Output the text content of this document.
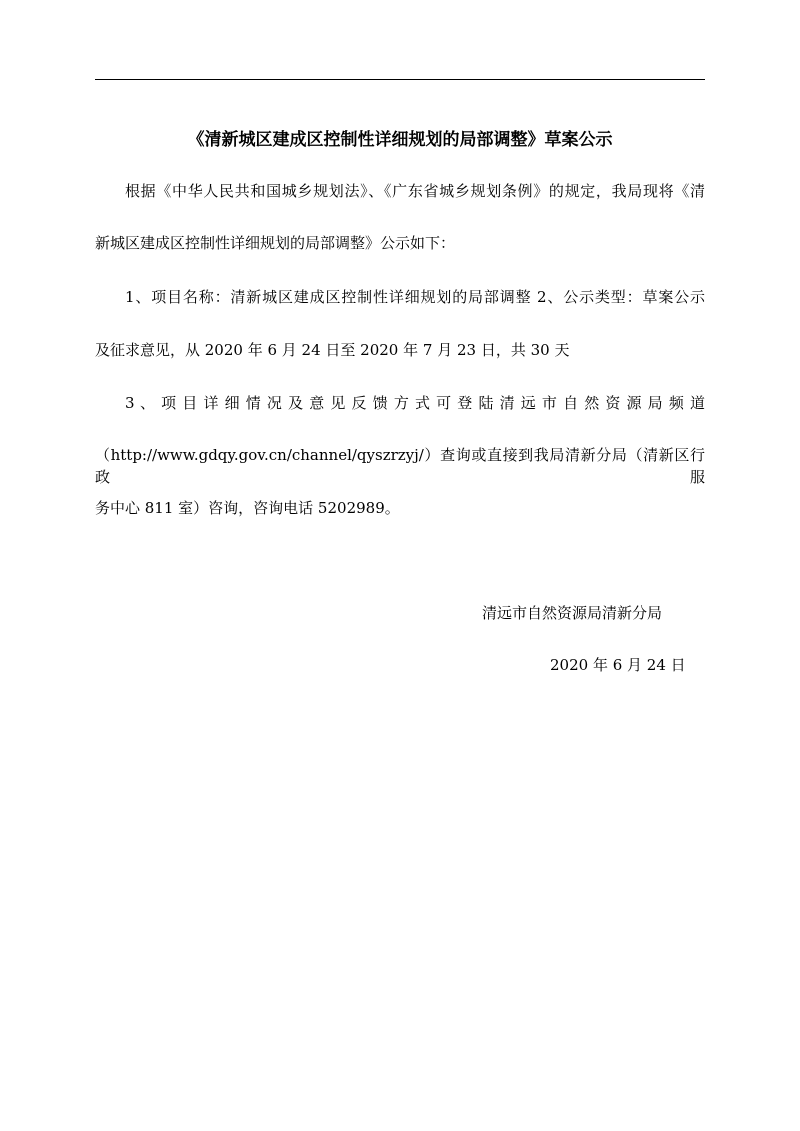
《清新城区建成区控制性详细规划的局部调整》草案公示
根据《中华人民共和国城乡规划法》、《广东省城乡规划条例》的规定，我局现将《清
新城区建成区控制性详细规划的局部调整》公示如下：
1、项目名称：清新城区建成区控制性详细规划的局部调整 2、公示类型：草案公示
及征求意见，从 2020 年 6 月 24 日至 2020 年 7 月 23 日，共 30 天
3 、 项 目 详 细 情 况 及 意 见 反 馈 方 式 可 登 陆 清 远 市 自 然 资 源 局 频 道
（http://www.gdqy.gov.cn/channel/qyszrzyj/）查询或直接到我局清新分局（清新区行政服
务中心 811 室）咨询，咨询电话 5202989。
清远市自然资源局清新分局
2020 年 6 月 24 日
